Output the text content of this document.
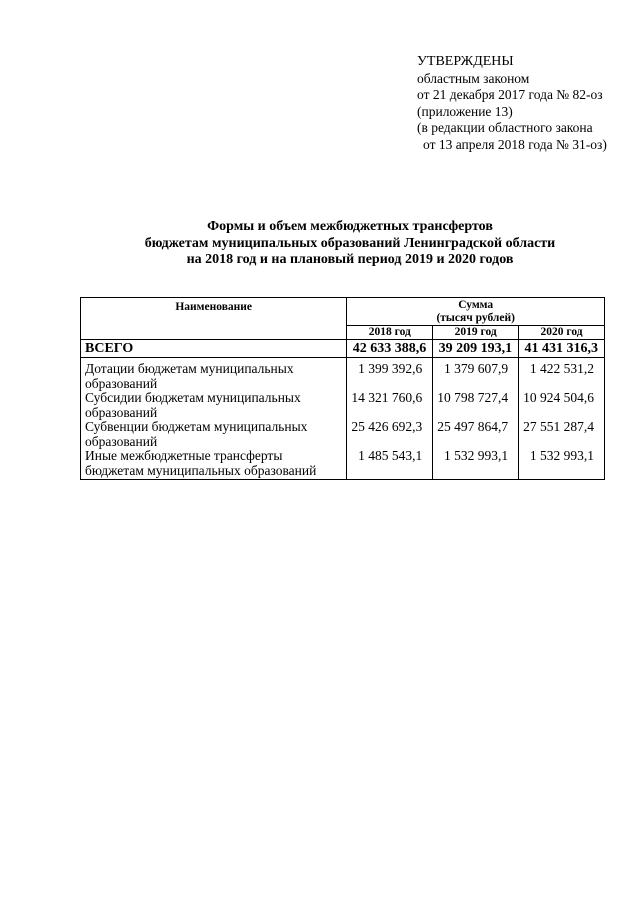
УТВЕРЖДЕНЫ
областным законом
от 21 декабря 2017 года № 82-оз
(приложение 13)
(в редакции областного закона
от 13 апреля 2018 года № 31-оз)
Формы и объем межбюджетных трансфертов
бюджетам муниципальных образований Ленинградской области
на 2018 год и на плановый период 2019 и 2020 годов
Наименование	Сумма
(тысяч рублей)		

	2018 год	2019 год	2020 год
ВСЕГО	42 633 388,6	39 209 193,1	41 431 316,3
Дотации бюджетам муниципальных образований	1 399 392,6	1 379 607,9	1 422 531,2
Субсидии бюджетам муниципальных образований	14 321 760,6	10 798 727,4	10 924 504,6
Субвенции бюджетам муниципальных образований	25 426 692,3	25 497 864,7	27 551 287,4
Иные межбюджетные трансферты бюджетам муниципальных образований	1 485 543,1	1 532 993,1	1 532 993,1
